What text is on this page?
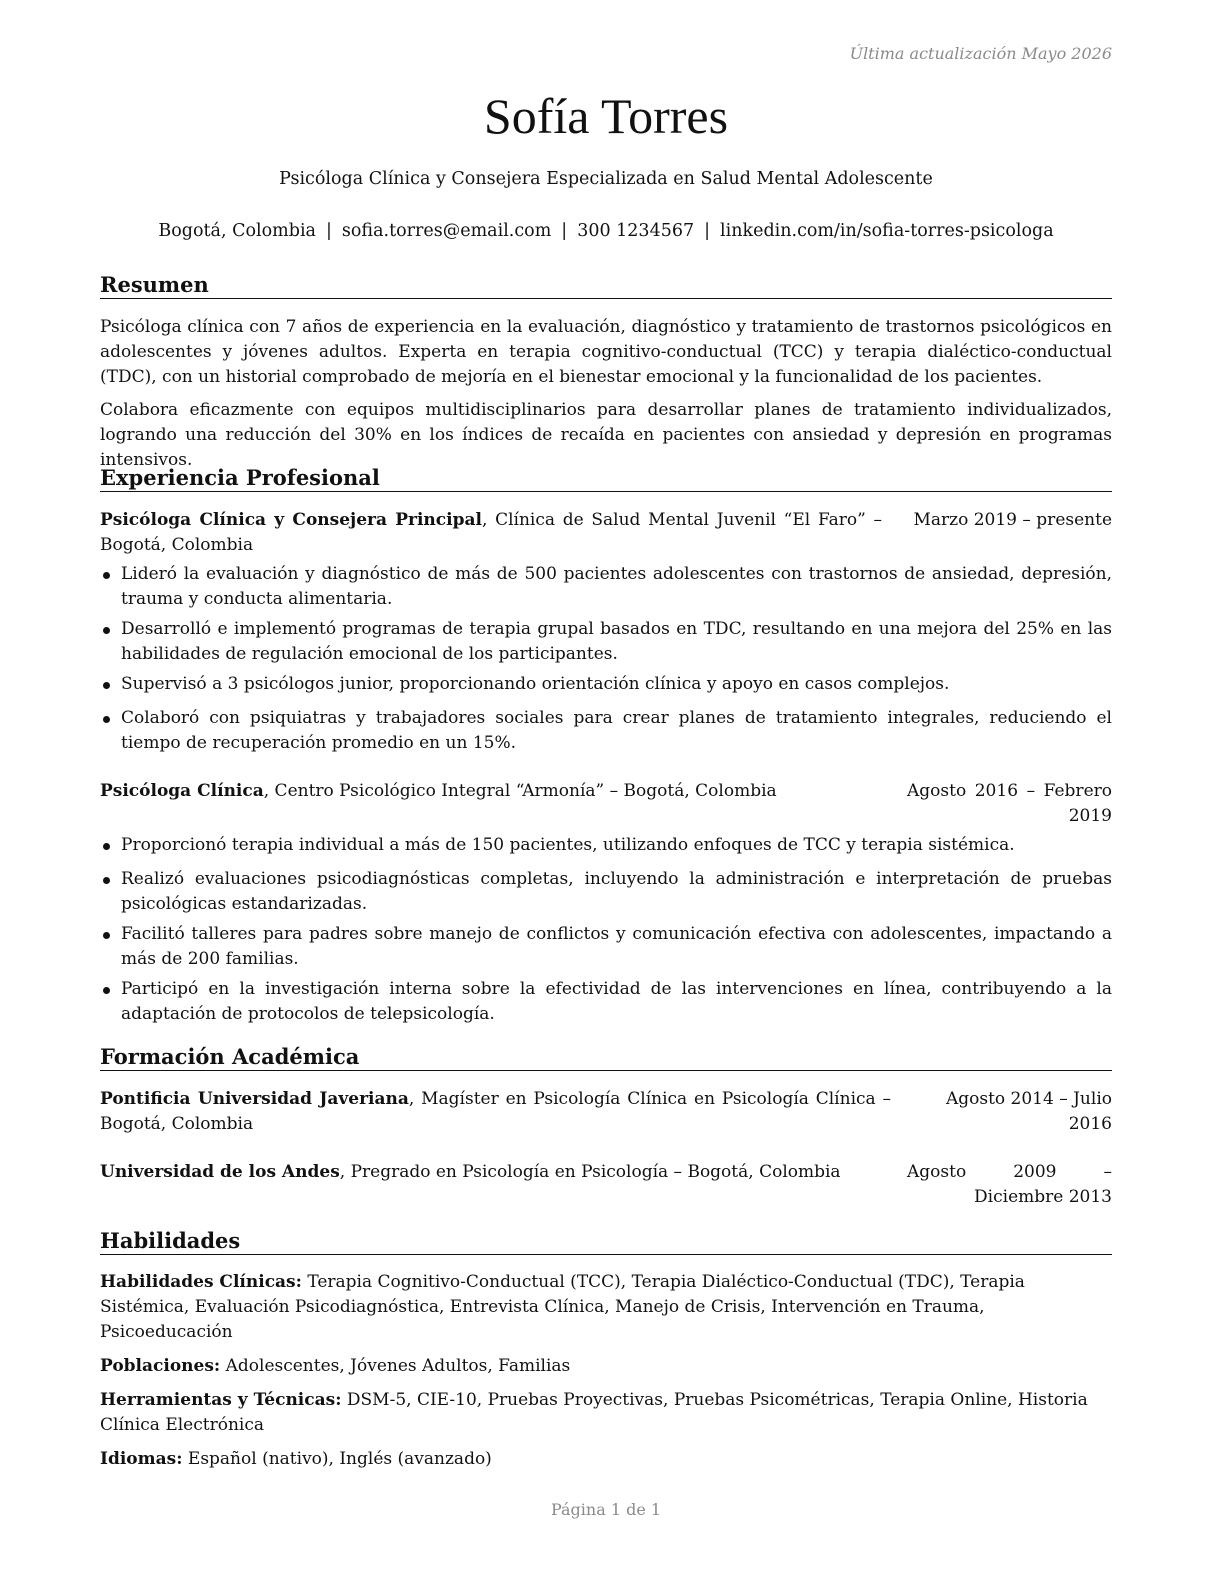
Última actualización Mayo 2026
Sofía Torres
Psicóloga Clínica y Consejera Especializada en Salud Mental Adolescente
Bogotá, Colombia | sofia.torres@email.com | 300 1234567 | linkedin.com/in/sofia-torres-psicologa
Resumen

Psicóloga clínica con 7 años de experiencia en la evaluación, diagnóstico y tratamiento de trastornos psicológicos en adolescentes y jóvenes adultos. Experta en terapia cognitivo-conductual (TCC) y terapia dialéctico-conductual (TDC), con un historial comprobado de mejoría en el bienestar emocional y la funcionalidad de los pacientes.

Colabora eficazmente con equipos multidisciplinarios para desarrollar planes de tratamiento individualizados, logrando una reducción del 30% en los índices de recaída en pacientes con ansiedad y depresión en programas intensivos.

Experiencia Profesional
Psicóloga Clínica y Consejera Principal, Clínica de Salud Mental Juvenil “El Faro” – Bogotá, Colombia
Marzo 2019 – presente
Lideró la evaluación y diagnóstico de más de 500 pacientes adolescentes con trastornos de ansiedad, depresión, trauma y conducta alimentaria.
Desarrolló e implementó programas de terapia grupal basados en TDC, resultando en una mejora del 25% en las habilidades de regulación emocional de los participantes.
Supervisó a 3 psicólogos junior, proporcionando orientación clínica y apoyo en casos complejos.
Colaboró con psiquiatras y trabajadores sociales para crear planes de tratamiento integrales, reduciendo el tiempo de recuperación promedio en un 15%.
Psicóloga Clínica, Centro Psicológico Integral “Armonía” – Bogotá, Colombia	Agosto 2016 – Febrero 2019
Proporcionó terapia individual a más de 150 pacientes, utilizando enfoques de TCC y terapia sistémica.
Realizó evaluaciones psicodiagnósticas completas, incluyendo la administración e interpretación de pruebas psicológicas estandarizadas.
Facilitó talleres para padres sobre manejo de conflictos y comunicación efectiva con adolescentes, impactando a más de 200 familias.
Participó en la investigación interna sobre la efectividad de las intervenciones en línea, contribuyendo a la adaptación de protocolos de telepsicología.
Formación Académica
Pontificia Universidad Javeriana, Magíster en Psicología Clínica en Psicología Clínica – Bogotá, Colombia
Agosto 2014 – Julio 2016
Universidad de los Andes, Pregrado en Psicología en Psicología – Bogotá, Colombia	Agosto 2009 – Diciembre 2013
Habilidades

Habilidades Clínicas: Terapia Cognitivo-Conductual (TCC), Terapia Dialéctico-Conductual (TDC), Terapia Sistémica, Evaluación Psicodiagnóstica, Entrevista Clínica, Manejo de Crisis, Intervención en Trauma, Psicoeducación

Poblaciones: Adolescentes, Jóvenes Adultos, Familias

Herramientas y Técnicas: DSM-5, CIE-10, Pruebas Proyectivas, Pruebas Psicométricas, Terapia Online, Historia Clínica Electrónica

Idiomas: Español (nativo), Inglés (avanzado)

Página 1 de 1
